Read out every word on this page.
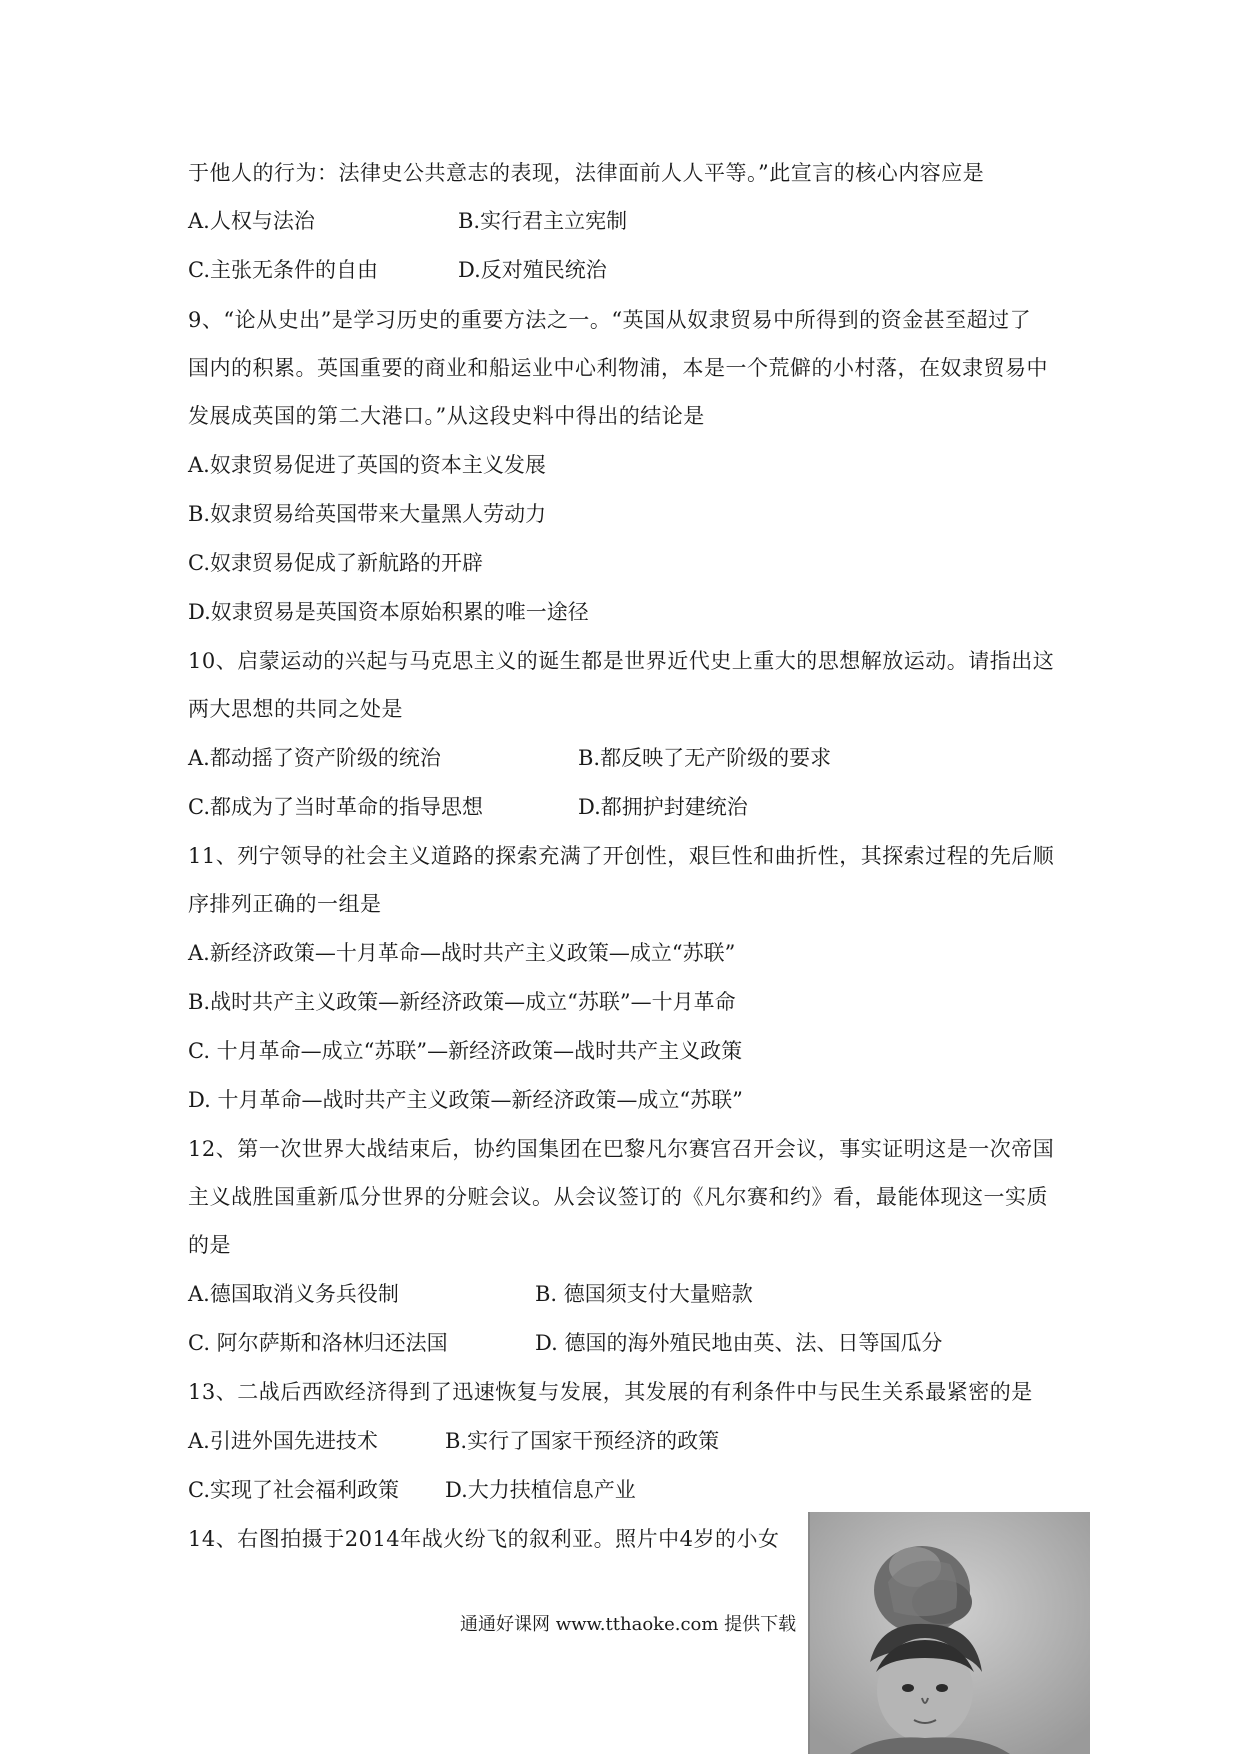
于他人的行为：法律史公共意志的表现，法律面前人人平等。”此宣言的核心内容应是
A.人权与法治	B.实行君主立宪制
C.主张无条件的自由	D.反对殖民统治
9、“论从史出”是学习历史的重要方法之一。“英国从奴隶贸易中所得到的资金甚至超过了
国内的积累。英国重要的商业和船运业中心利物浦，本是一个荒僻的小村落，在奴隶贸易中
发展成英国的第二大港口。”从这段史料中得出的结论是
A.奴隶贸易促进了英国的资本主义发展
B.奴隶贸易给英国带来大量黑人劳动力
C.奴隶贸易促成了新航路的开辟
D.奴隶贸易是英国资本原始积累的唯一途径
10、启蒙运动的兴起与马克思主义的诞生都是世界近代史上重大的思想解放运动。请指出这
两大思想的共同之处是
A.都动摇了资产阶级的统治	B.都反映了无产阶级的要求
C.都成为了当时革命的指导思想	D.都拥护封建统治
11、列宁领导的社会主义道路的探索充满了开创性，艰巨性和曲折性，其探索过程的先后顺
序排列正确的一组是
A.新经济政策—十月革命—战时共产主义政策—成立“苏联”
B.战时共产主义政策—新经济政策—成立“苏联”—十月革命
C. 十月革命—成立“苏联”—新经济政策—战时共产主义政策
D. 十月革命—战时共产主义政策—新经济政策—成立“苏联”
12、第一次世界大战结束后，协约国集团在巴黎凡尔赛宫召开会议，事实证明这是一次帝国
主义战胜国重新瓜分世界的分赃会议。从会议签订的《凡尔赛和约》看，最能体现这一实质
的是
A.德国取消义务兵役制	B. 德国须支付大量赔款
C. 阿尔萨斯和洛林归还法国	D. 德国的海外殖民地由英、法、日等国瓜分
13、二战后西欧经济得到了迅速恢复与发展，其发展的有利条件中与民生关系最紧密的是
A.引进外国先进技术	B.实行了国家干预经济的政策
C.实现了社会福利政策 D.大力扶植信息产业
14、右图拍摄于2014年战火纷飞的叙利亚。照片中4岁的小女
通通好课网 www.tthaoke.com 提供下载
